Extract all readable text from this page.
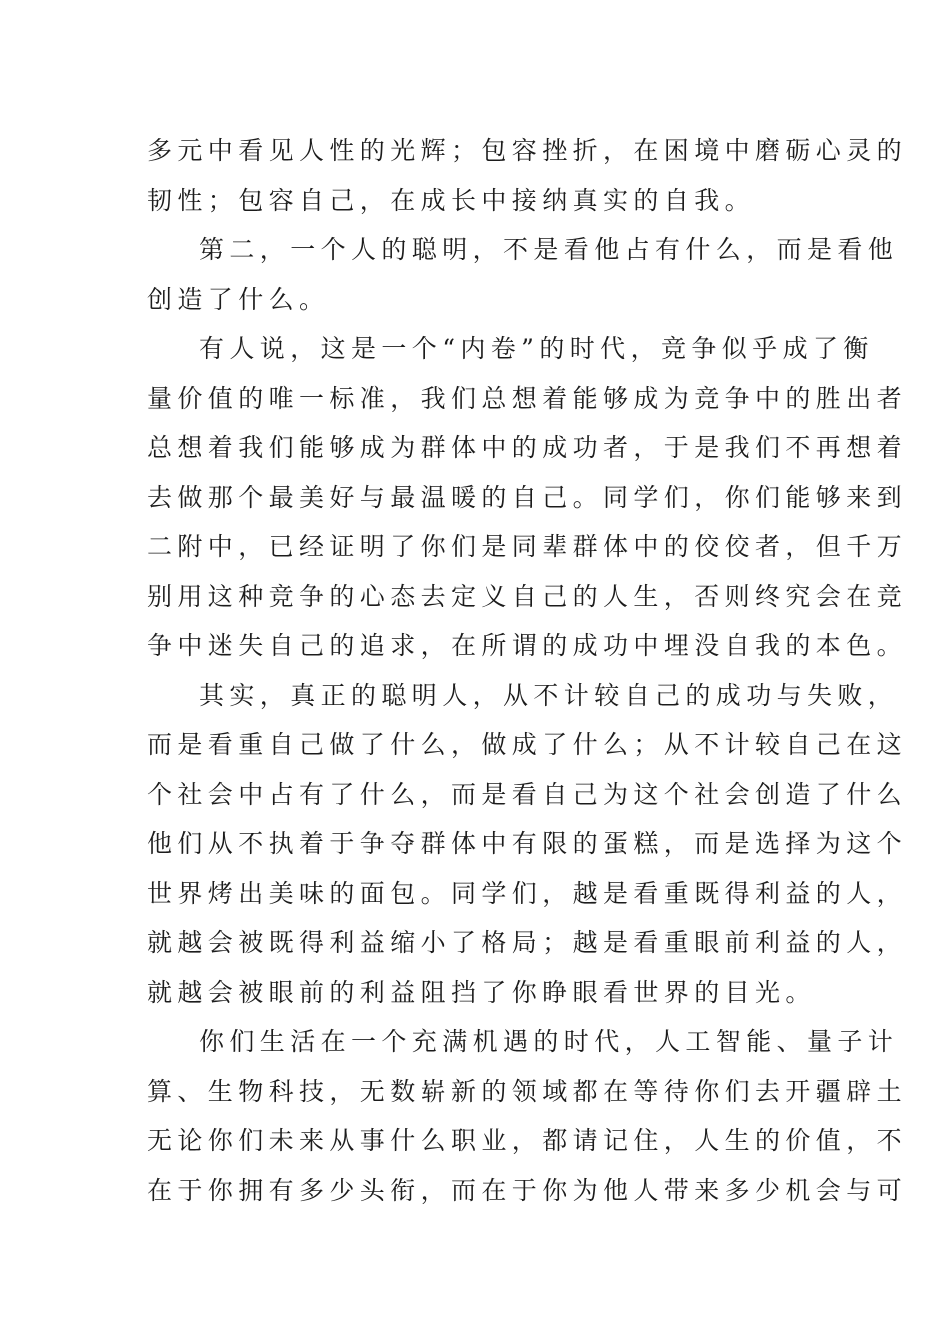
多元中看见人性的光辉；包容挫折，在困境中磨砺心灵的
韧性；包容自己，在成长中接纳真实的自我。
第二，一个人的聪明，不是看他占有什么，而是看他
创造了什么。
有人说，这是一个“内卷”的时代，竞争似乎成了衡
量价值的唯一标准，我们总想着能够成为竞争中的胜出者
总想着我们能够成为群体中的成功者，于是我们不再想着
去做那个最美好与最温暖的自己。同学们，你们能够来到
二附中，已经证明了你们是同辈群体中的佼佼者，但千万
别用这种竞争的心态去定义自己的人生，否则终究会在竞
争中迷失自己的追求，在所谓的成功中埋没自我的本色。
其实，真正的聪明人，从不计较自己的成功与失败，
而是看重自己做了什么，做成了什么；从不计较自己在这
个社会中占有了什么，而是看自己为这个社会创造了什么
他们从不执着于争夺群体中有限的蛋糕，而是选择为这个
世界烤出美味的面包。同学们，越是看重既得利益的人，
就越会被既得利益缩小了格局；越是看重眼前利益的人，
就越会被眼前的利益阻挡了你睁眼看世界的目光。
你们生活在一个充满机遇的时代，人工智能、量子计
算、生物科技，无数崭新的领域都在等待你们去开疆辟土
无论你们未来从事什么职业，都请记住，人生的价值，不
在于你拥有多少头衔，而在于你为他人带来多少机会与可
